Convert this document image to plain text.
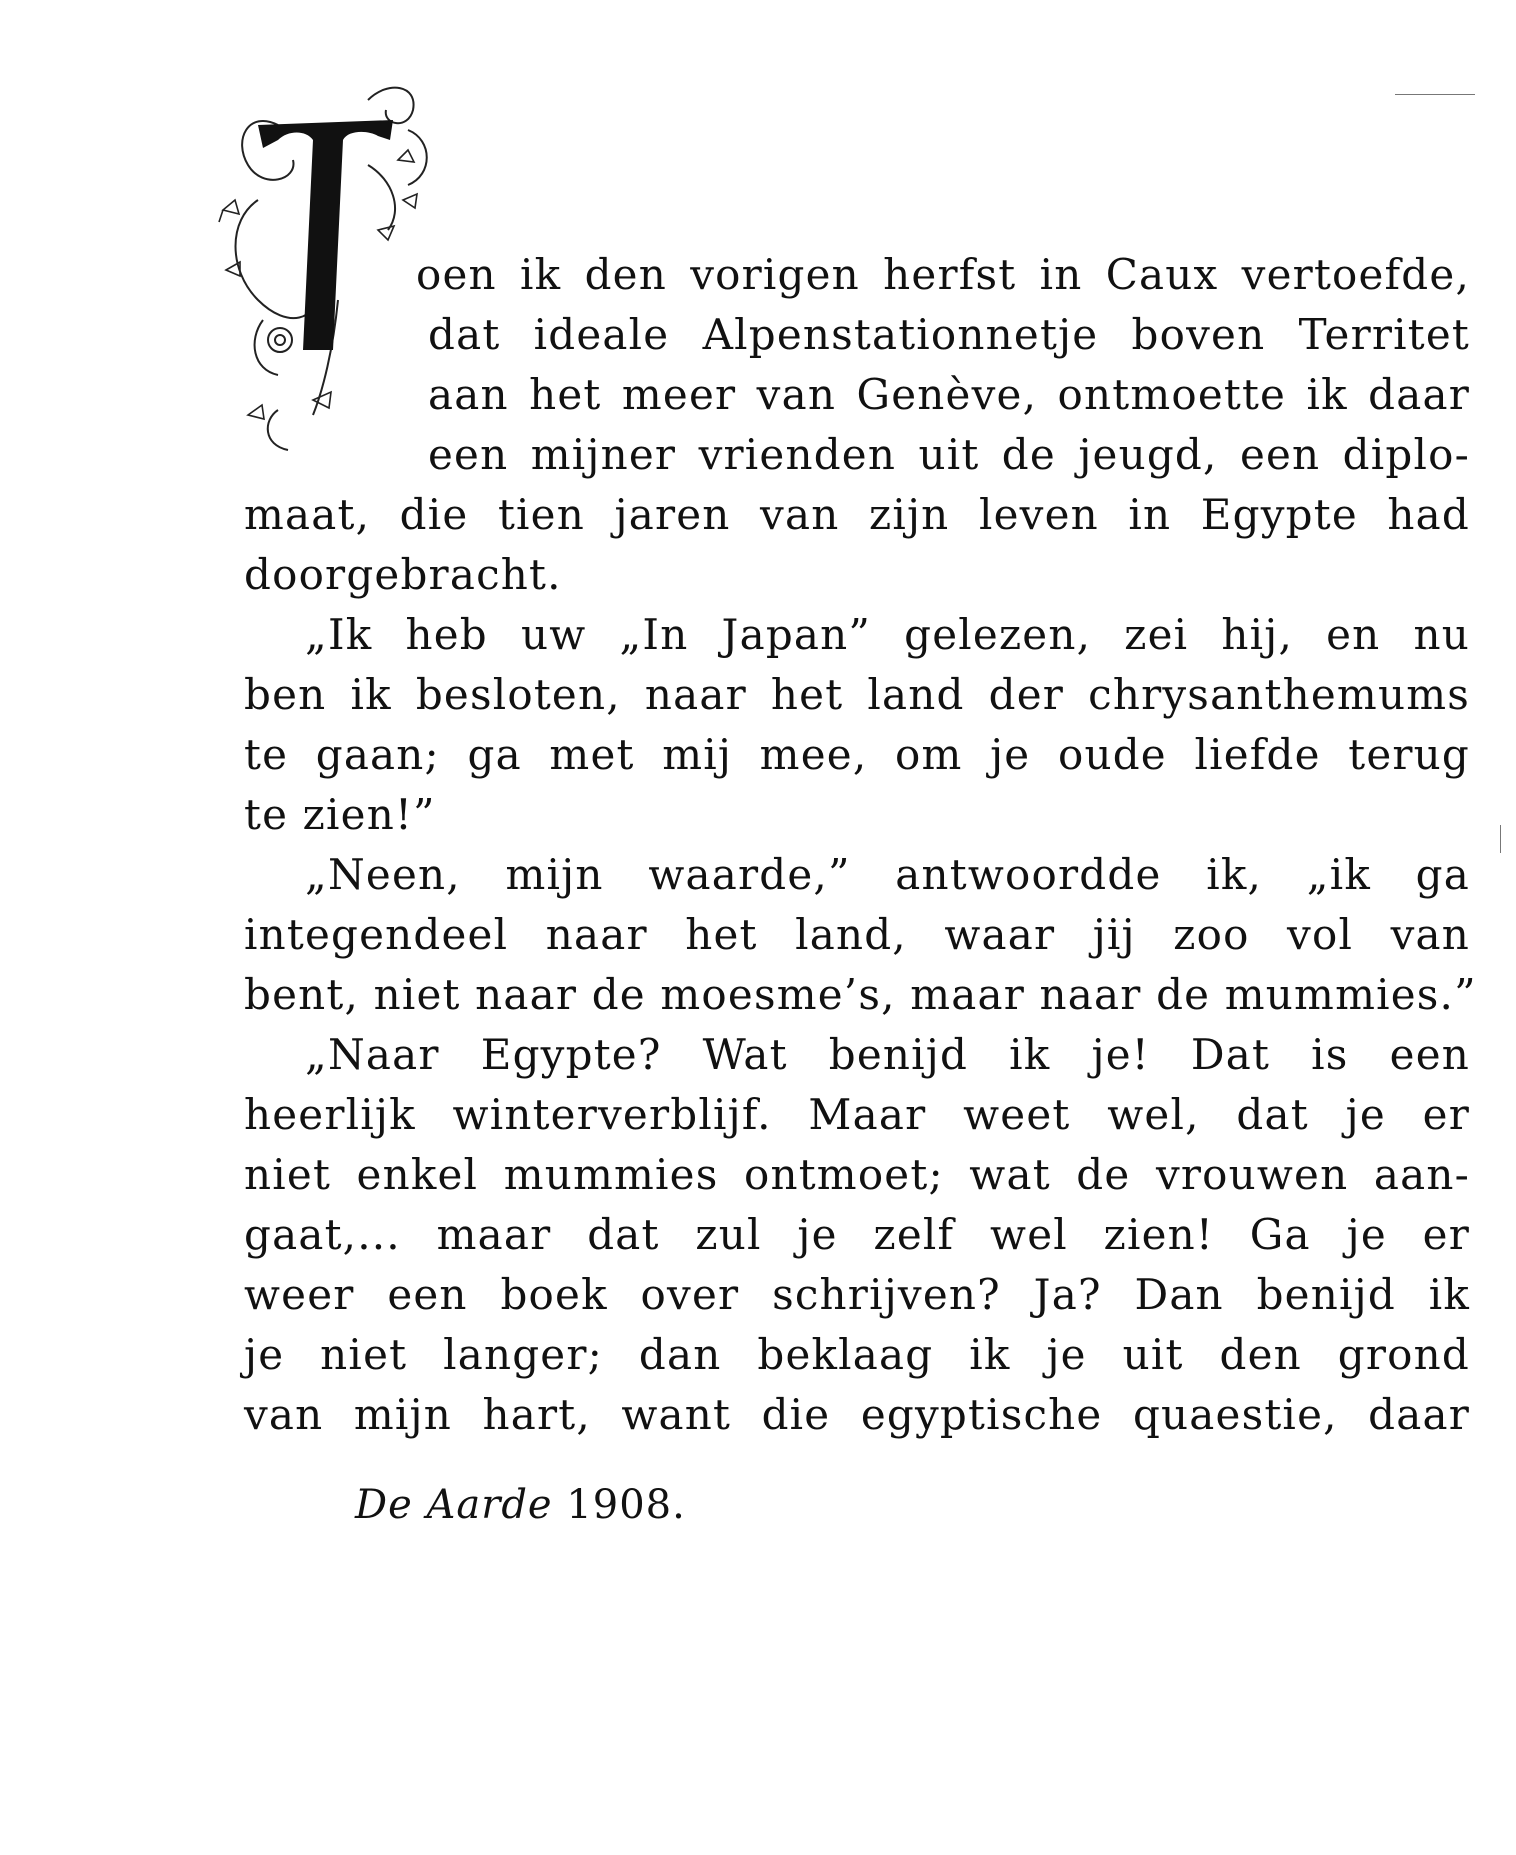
T
oen ik den vorigen herfst in Caux vertoefde,
dat ideale Alpenstationnetje boven Territet
aan het meer van Genève, ontmoette ik daar
een mijner vrienden uit de jeugd, een diplo-
maat, die tien jaren van zijn leven in Egypte had
doorgebracht.
„Ik heb uw „In Japan” gelezen, zei hij, en nu
ben ik besloten, naar het land der chrysanthemums
te gaan; ga met mij mee, om je oude liefde terug
te zien!”
„Neen, mijn waarde,” antwoordde ik, „ik ga
integendeel naar het land, waar jij zoo vol van
bent, niet naar de moesme’s, maar naar de mummies.”
„Naar Egypte? Wat benijd ik je! Dat is een
heerlijk winterverblijf. Maar weet wel, dat je er
niet enkel mummies ontmoet; wat de vrouwen aan-
gaat,... maar dat zul je zelf wel zien! Ga je er
weer een boek over schrijven? Ja? Dan benijd ik
je niet langer; dan beklaag ik je uit den grond
van mijn hart, want die egyptische quaestie, daar
De Aarde 1908.
